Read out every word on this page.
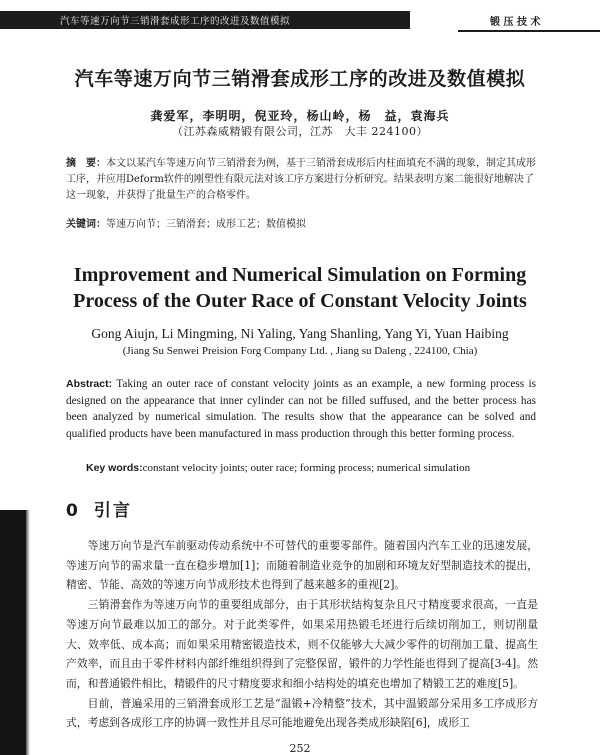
汽车等速万向节三销滑套成形工序的改进及数值模拟	锻 压 技 术
汽车等速万向节三销滑套成形工序的改进及数值模拟
龚爱军，李明明，倪亚玲，杨山岭，杨　益，袁海兵
（江苏森威精锻有限公司，江苏　大丰 224100）

摘　要：本文以某汽车等速万向节三销滑套为例，基于三销滑套成形后内柱面填充不满的现象，制定其成形工序，并应用Deform软件的刚塑性有限元法对该工序方案进行分析研究。结果表明方案二能很好地解决了这一现象，并获得了批量生产的合格零件。

关键词：等速万向节；三销滑套；成形工艺；数值模拟

Improvement and Numerical Simulation on Forming
Process of the Outer Race of Constant Velocity Joints
Gong Aiujn, Li Mingming, Ni Yaling, Yang Shanling, Yang Yi, Yuan Haibing
(Jiang Su Senwei Preision Forg Company Ltd. , Jiang su Daleng , 224100, Chia)

Abstract: Taking an outer race of constant velocity joints as an example, a new forming process is designed on the appearance that inner cylinder can not be filled suffused, and the better process has been analyzed by numerical simulation. The results show that the appearance can be solved and qualified products have been manufactured in mass production through this better forming process.

Key words:constant velocity joints; outer race; forming process; numerical simulation

0 引言

等速万向节是汽车前驱动传动系统中不可替代的重要零部件。随着国内汽车工业的迅速发展，等速万向节的需求量一直在稳步增加[1]；而随着制造业竞争的加剧和环境友好型制造技术的提出，精密、节能、高效的等速万向节成形技术也得到了越来越多的重视[2]。

三销滑套作为等速万向节的重要组成部分，由于其形状结构复杂且尺寸精度要求很高，一直是等速万向节最难以加工的部分。对于此类零件，如果采用热锻毛坯进行后续切削加工，则切削量大、效率低、成本高；而如果采用精密锻造技术，则不仅能够大大减少零件的切削加工量、提高生产效率，而且由于零件材料内部纤维组织得到了完整保留，锻件的力学性能也得到了提高[3-4]。然而，和普通锻件相比，精锻件的尺寸精度要求和细小结构处的填充也增加了精锻工艺的难度[5]。

目前，普遍采用的三销滑套成形工艺是“温锻+冷精整”技术，其中温锻部分采用多工序成形方式，考虑到各成形工序的协调一致性并且尽可能地避免出现各类成形缺陷[6]，成形工

252
